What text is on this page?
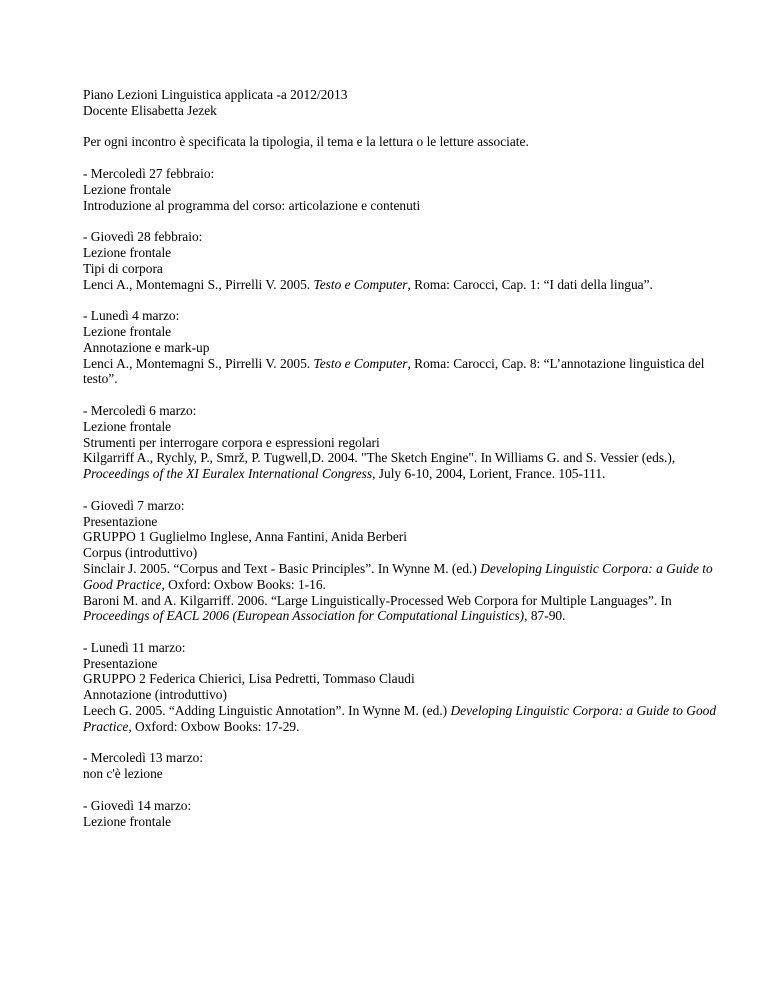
Piano Lezioni Linguistica applicata -a 2012/2013
Docente Elisabetta Jezek
Per ogni incontro è specificata la tipologia, il tema e la lettura o le letture associate.
- Mercoledì 27 febbraio:
Lezione frontale
Introduzione al programma del corso: articolazione e contenuti
- Giovedì 28 febbraio:
Lezione frontale
Tipi di corpora
Lenci A., Montemagni S., Pirrelli V. 2005. Testo e Computer, Roma: Carocci, Cap. 1: “I dati della lingua”.
- Lunedì 4 marzo:
Lezione frontale
Annotazione e mark-up
Lenci A., Montemagni S., Pirrelli V. 2005. Testo e Computer, Roma: Carocci, Cap. 8: “L’annotazione linguistica del testo”.
- Mercoledì 6 marzo:
Lezione frontale
Strumenti per interrogare corpora e espressioni regolari
Kilgarriff A., Rychly, P., Smrž, P. Tugwell,D. 2004. "The Sketch Engine". In Williams G. and S. Vessier (eds.), Proceedings of the XI Euralex International Congress, July 6-10, 2004, Lorient, France. 105-111.
- Giovedì 7 marzo:
Presentazione
GRUPPO 1 Guglielmo Inglese, Anna Fantini, Anida Berberi
Corpus (introduttivo)
Sinclair J. 2005. “Corpus and Text - Basic Principles”. In Wynne M. (ed.) Developing Linguistic Corpora: a Guide to Good Practice, Oxford: Oxbow Books: 1-16.
Baroni M. and A. Kilgarriff. 2006. “Large Linguistically-Processed Web Corpora for Multiple Languages”. In Proceedings of EACL 2006 (European Association for Computational Linguistics), 87-90.
- Lunedì 11 marzo:
Presentazione
GRUPPO 2 Federica Chierici, Lisa Pedretti, Tommaso Claudi
Annotazione (introduttivo)
Leech G. 2005. “Adding Linguistic Annotation”. In Wynne M. (ed.) Developing Linguistic Corpora: a Guide to Good Practice, Oxford: Oxbow Books: 17-29.
- Mercoledì 13 marzo:
non c'è lezione
- Giovedì 14 marzo:
Lezione frontale
